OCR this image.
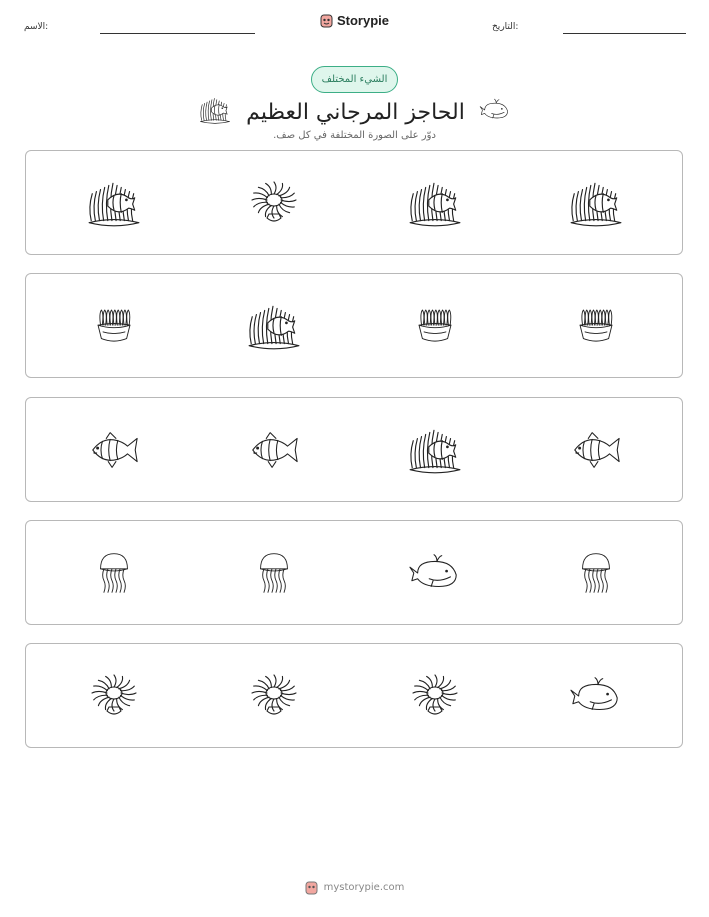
الاسم:	Storypie	التاريخ:
الشيء المختلف
الحاجز المرجاني العظيم
دوّر على الصورة المختلفة في كل صف.
mystorypie.com
